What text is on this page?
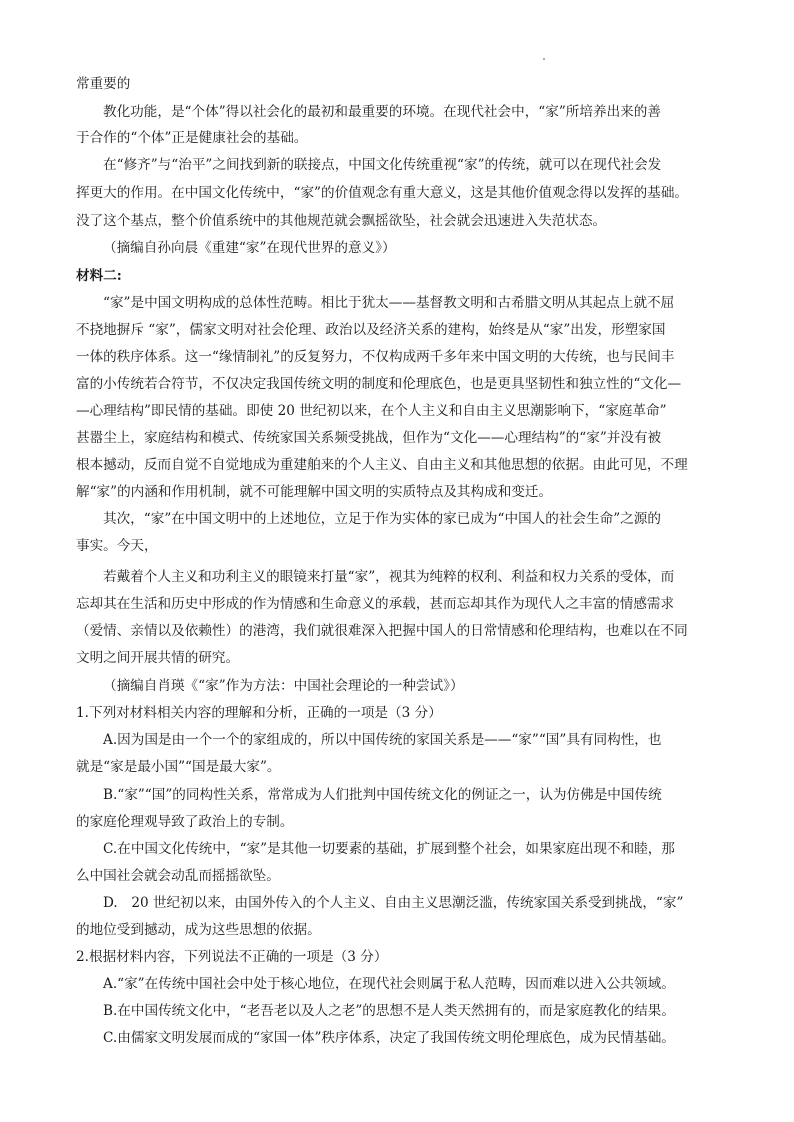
常重要的
教化功能，是“个体”得以社会化的最初和最重要的环境。在现代社会中，“家”所培养出来的善
于合作的“个体”正是健康社会的基础。
在“修齐”与“治平”之间找到新的联接点，中国文化传统重视“家”的传统，就可以在现代社会发
挥更大的作用。在中国文化传统中，“家”的价值观念有重大意义，这是其他价值观念得以发挥的基础。
没了这个基点，整个价值系统中的其他规范就会飘摇欲坠，社会就会迅速进入失范状态。
（摘编自孙向晨《重建“家”在现代世界的意义》）
材料二:
“家”是中国文明构成的总体性范畴。相比于犹太——基督教文明和古希腊文明从其起点上就不屈
不挠地摒斥 “家”，儒家文明对社会伦理、政治以及经济关系的建构，始终是从“家”出发，形塑家国
一体的秩序体系。这一“缘情制礼”的反复努力，不仅构成两千多年来中国文明的大传统，也与民间丰
富的小传统若合符节，不仅决定我国传统文明的制度和伦理底色，也是更具坚韧性和独立性的“文化—
—心理结构”即民情的基础。即使 20 世纪初以来，在个人主义和自由主义思潮影响下，“家庭革命”
甚嚣尘上，家庭结构和模式、传统家国关系频受挑战，但作为“文化——心理结构”的“家”并没有被
根本撼动，反而自觉不自觉地成为重建舶来的个人主义、自由主义和其他思想的依据。由此可见，不理
解“家”的内涵和作用机制，就不可能理解中国文明的实质特点及其构成和变迁。
其次，“家”在中国文明中的上述地位，立足于作为实体的家已成为“中国人的社会生命”之源的
事实。今天，
若戴着个人主义和功利主义的眼镜来打量“家”，视其为纯粹的权利、利益和权力关系的受体，而
忘却其在生活和历史中形成的作为情感和生命意义的承载，甚而忘却其作为现代人之丰富的情感需求
（爱情、亲情以及依赖性）的港湾，我们就很难深入把握中国人的日常情感和伦理结构，也难以在不同
文明之间开展共情的研究。
（摘编自肖瑛《“家”作为方法：中国社会理论的一种尝试》）
1.下列对材料相关内容的理解和分析，正确的一项是（3 分）
A.因为国是由一个一个的家组成的，所以中国传统的家国关系是——“家”“国”具有同构性，也
就是“家是最小国”“国是最大家”。
B.“家”“国”的同构性关系，常常成为人们批判中国传统文化的例证之一，认为仿佛是中国传统
的家庭伦理观导致了政治上的专制。
C.在中国文化传统中，“家”是其他一切要素的基础，扩展到整个社会，如果家庭出现不和睦，那
么中国社会就会动乱而摇摇欲坠。
D.　20 世纪初以来，由国外传入的个人主义、自由主义思潮泛滥，传统家国关系受到挑战，“家”
的地位受到撼动，成为这些思想的依据。
2.根据材料内容，下列说法不正确的一项是（3 分）
A.“家”在传统中国社会中处于核心地位，在现代社会则属于私人范畴，因而难以进入公共领域。
B.在中国传统文化中，“老吾老以及人之老”的思想不是人类天然拥有的，而是家庭教化的结果。
C.由儒家文明发展而成的“家国一体”秩序体系，决定了我国传统文明伦理底色，成为民情基础。
